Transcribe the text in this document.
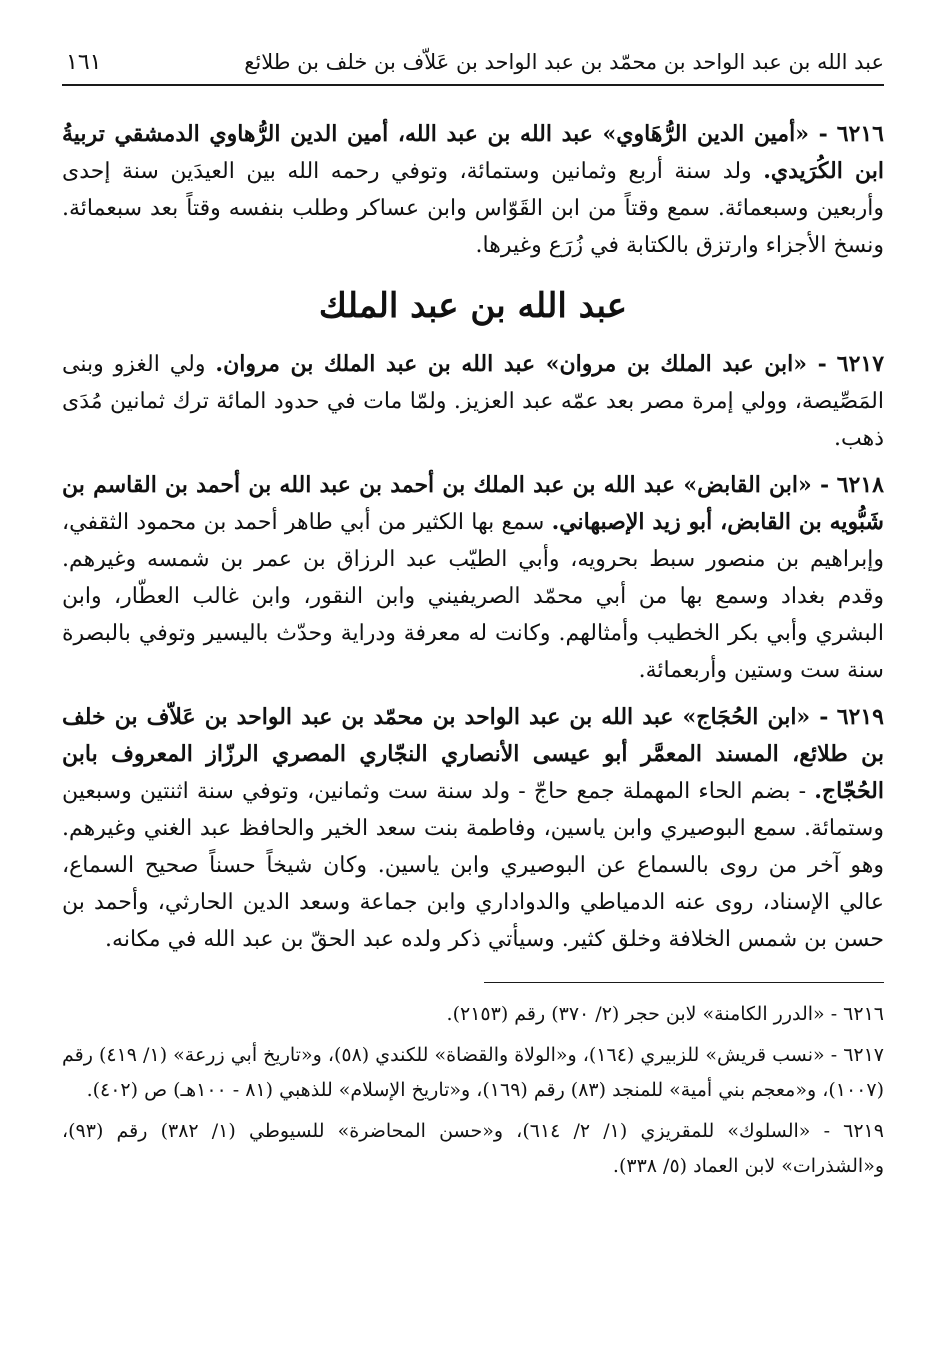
عبد الله بن عبد الواحد بن محمّد بن عبد الواحد بن عَلاّف بن خلف بن طلائع
١٦١

٦٢١٦ - «أمين الدين الرُّهَاوي» عبد الله بن عبد الله، أمين الدين الرُّهاوي الدمشقي تربيةُ ابن الكُرَيدي. ولد سنة أربع وثمانين وستمائة، وتوفي رحمه الله بين العيدَين سنة إحدى وأربعين وسبعمائة. سمع وقتاً من ابن القَوّاس وابن عساكر وطلب بنفسه وقتاً بعد سبعمائة. ونسخ الأجزاء وارتزق بالكتابة في زُرَع وغيرها.

عبد الله بن عبد الملك

٦٢١٧ - «ابن عبد الملك بن مروان» عبد الله بن عبد الملك بن مروان. ولي الغزو وبنى المَصِّيصة، وولي إمرة مصر بعد عمّه عبد العزيز. ولمّا مات في حدود المائة ترك ثمانين مُدَى ذهب.

٦٢١٨ - «ابن القابض» عبد الله بن عبد الملك بن أحمد بن عبد الله بن أحمد بن القاسم بن شَبُّويه بن القابض، أبو زيد الإصبهاني. سمع بها الكثير من أبي طاهر أحمد بن محمود الثقفي، وإبراهيم بن منصور سبط بحرويه، وأبي الطيّب عبد الرزاق بن عمر بن شمسه وغيرهم. وقدم بغداد وسمع بها من أبي محمّد الصريفيني وابن النقور، وابن غالب العطّار، وابن البشري وأبي بكر الخطيب وأمثالهم. وكانت له معرفة ودراية وحدّث باليسير وتوفي بالبصرة سنة ست وستين وأربعمائة.

٦٢١٩ - «ابن الحُجَاج» عبد الله بن عبد الواحد بن محمّد بن عبد الواحد بن عَلاّف بن خلف بن طلائع، المسند المعمَّر أبو عيسى الأنصاري النجّاري المصري الرزّاز المعروف بابن الحُجّاج. - بضم الحاء المهملة جمع حاجّ - ولد سنة ست وثمانين، وتوفي سنة اثنتين وسبعين وستمائة. سمع البوصيري وابن ياسين، وفاطمة بنت سعد الخير والحافظ عبد الغني وغيرهم. وهو آخر من روى بالسماع عن البوصيري وابن ياسين. وكان شيخاً حسناً صحيح السماع، عالي الإسناد، روى عنه الدمياطي والدواداري وابن جماعة وسعد الدين الحارثي، وأحمد بن حسن بن شمس الخلافة وخلق كثير. وسيأتي ذكر ولده عبد الحقّ بن عبد الله في مكانه.

٦٢١٦ - «الدرر الكامنة» لابن حجر (٢/ ٣٧٠) رقم (٢١٥٣).

٦٢١٧ - «نسب قريش» للزبيري (١٦٤)، و«الولاة والقضاة» للكندي (٥٨)، و«تاريخ أبي زرعة» (١/ ٤١٩) رقم (١٠٠٧)، و«معجم بني أمية» للمنجد (٨٣) رقم (١٦٩)، و«تاريخ الإسلام» للذهبي (٨١ - ١٠٠هـ) ص (٤٠٢).

٦٢١٩ - «السلوك» للمقريزي (١/ ٢/ ٦١٤)، و«حسن المحاضرة» للسيوطي (١/ ٣٨٢) رقم (٩٣)، و«الشذرات» لابن العماد (٥/ ٣٣٨).
